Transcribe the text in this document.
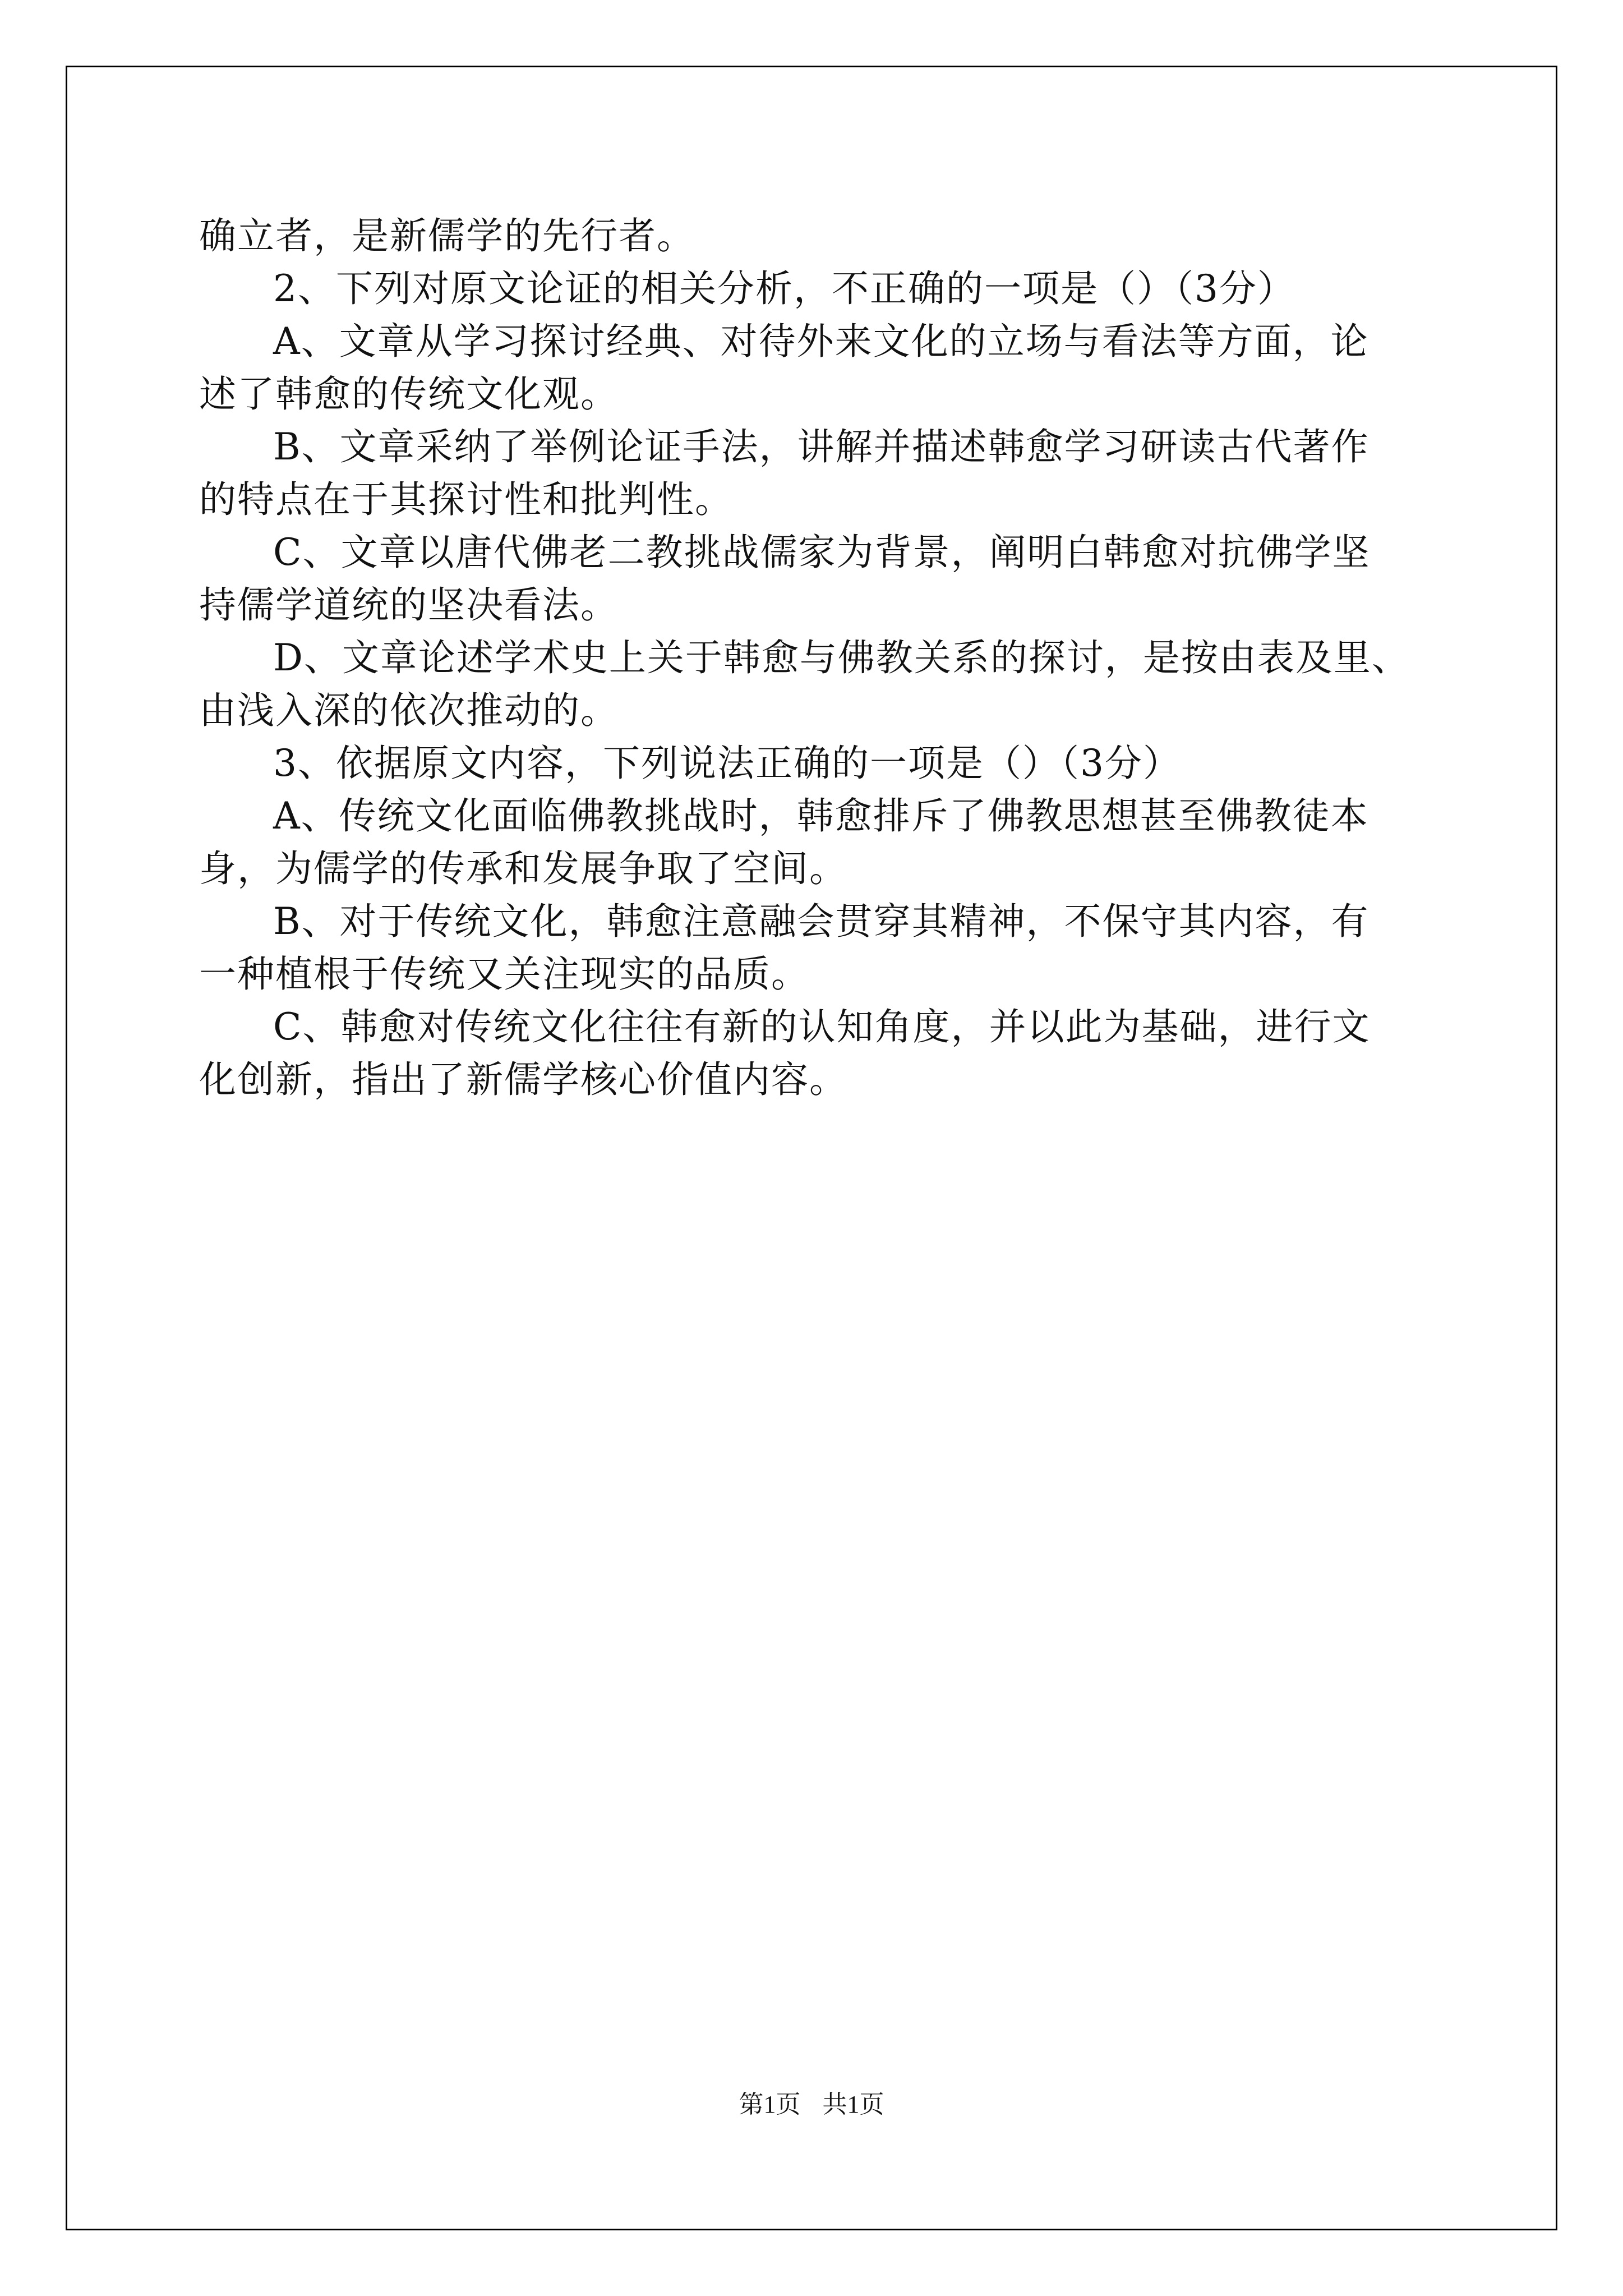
确立者，是新儒学的先行者。

2、下列对原文论证的相关分析，不正确的一项是（）（3分）

A、文章从学习探讨经典、对待外来文化的立场与看法等方面，论

述了韩愈的传统文化观。

B、文章采纳了举例论证手法，讲解并描述韩愈学习研读古代著作

的特点在于其探讨性和批判性。

C、文章以唐代佛老二教挑战儒家为背景，阐明白韩愈对抗佛学坚

持儒学道统的坚决看法。

D、文章论述学术史上关于韩愈与佛教关系的探讨，是按由表及里、

由浅入深的依次推动的。

3、依据原文内容，下列说法正确的一项是（）（3分）

A、传统文化面临佛教挑战时，韩愈排斥了佛教思想甚至佛教徒本

身，为儒学的传承和发展争取了空间。

B、对于传统文化，韩愈注意融会贯穿其精神，不保守其内容，有

一种植根于传统又关注现实的品质。

C、韩愈对传统文化往往有新的认知角度，并以此为基础，进行文

化创新，指出了新儒学核心价值内容。

第1页 共1页
